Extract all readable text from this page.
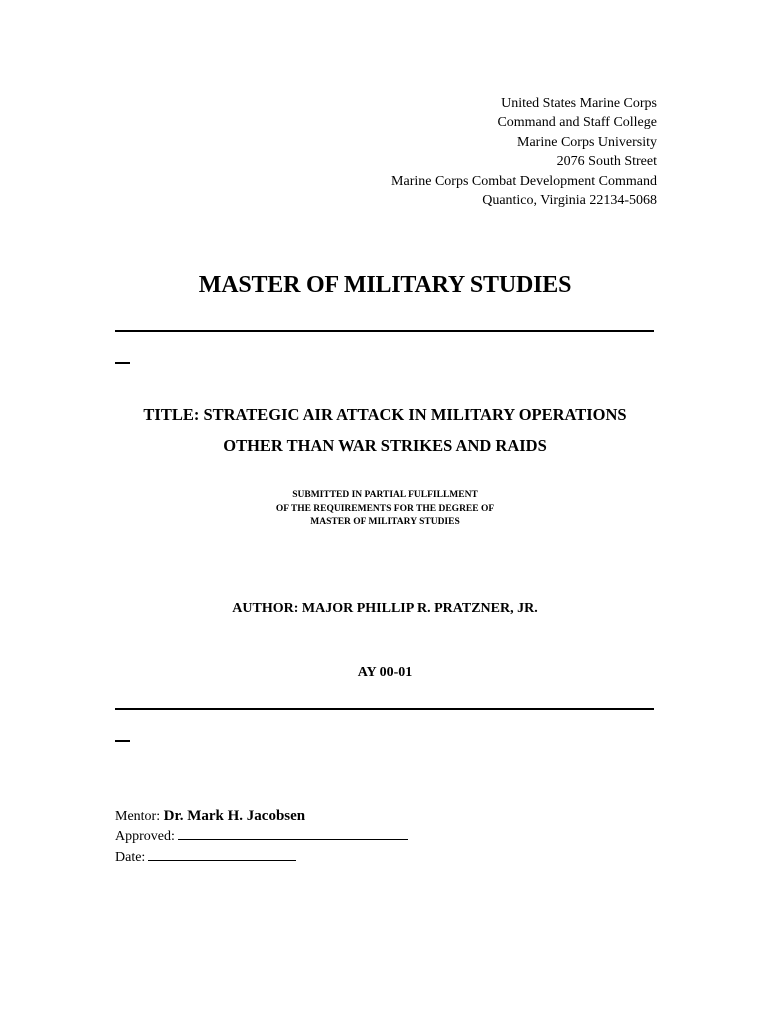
United States Marine Corps
Command and Staff College
Marine Corps University
2076 South Street
Marine Corps Combat Development Command
Quantico, Virginia 22134-5068
MASTER OF MILITARY STUDIES
TITLE: STRATEGIC AIR ATTACK IN MILITARY OPERATIONS
OTHER THAN WAR STRIKES AND RAIDS
SUBMITTED IN PARTIAL FULFILLMENT
OF THE REQUIREMENTS FOR THE DEGREE OF
MASTER OF MILITARY STUDIES
AUTHOR: MAJOR PHILLIP R. PRATZNER, JR.
AY 00-01
Mentor: Dr. Mark H. Jacobsen
Approved:
Date:
